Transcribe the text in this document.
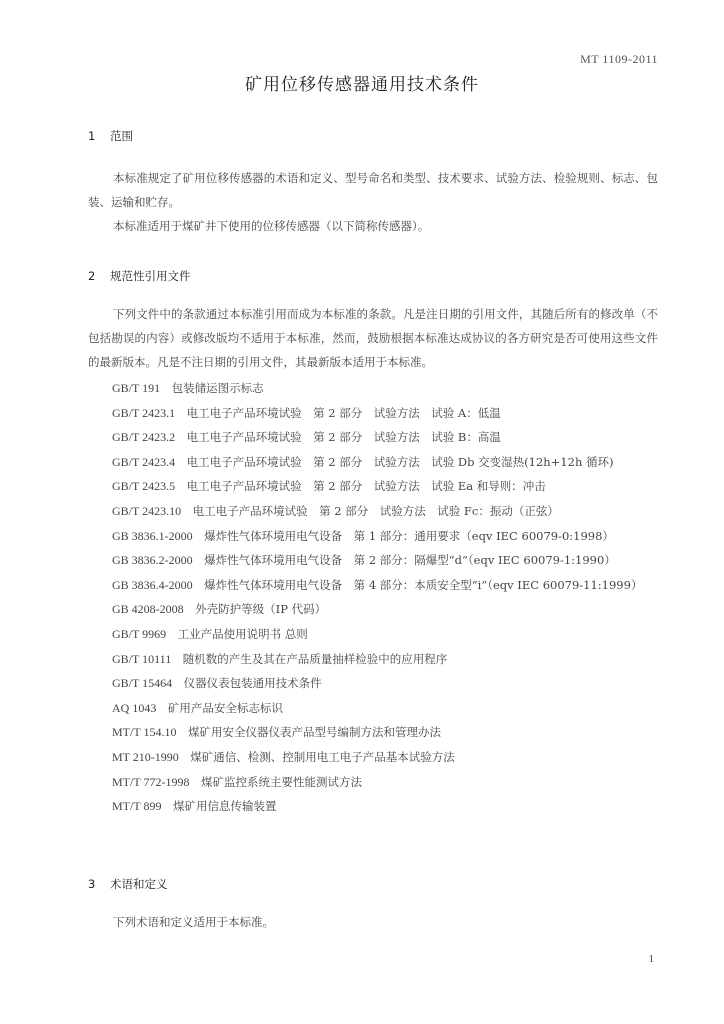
MT 1109-2011
矿用位移传感器通用技术条件
1 范围
本标准规定了矿用位移传感器的术语和定义、型号命名和类型、技术要求、试验方法、检验规则、标志、包装、运输和贮存。
本标准适用于煤矿井下使用的位移传感器（以下简称传感器）。
2 规范性引用文件
下列文件中的条款通过本标准引用而成为本标准的条款。凡是注日期的引用文件，其随后所有的修改单（不包括勘误的内容）或修改版均不适用于本标准，然而，鼓励根据本标准达成协议的各方研究是否可使用这些文件的最新版本。凡是不注日期的引用文件，其最新版本适用于本标准。
GB/T 191　 包装储运图示标志
GB/T 2423.1　 电工电子产品环境试验　第 2 部分　试验方法　试验 A：低温
GB/T 2423.2　 电工电子产品环境试验　第 2 部分　试验方法　试验 B：高温
GB/T 2423.4　 电工电子产品环境试验　第 2 部分　试验方法　试验 Db 交变湿热(12h+12h 循环)
GB/T 2423.5　 电工电子产品环境试验　第 2 部分　试验方法　试验 Ea 和导则：冲击
GB/T 2423.10　 电工电子产品环境试验　第 2 部分　试验方法　试验 Fc：振动（正弦）
GB 3836.1-2000　 爆炸性气体环境用电气设备　第 1 部分：通用要求（eqv IEC 60079-0:1998）
GB 3836.2-2000　 爆炸性气体环境用电气设备　第 2 部分：隔爆型“d”（eqv IEC 60079-1:1990）
GB 3836.4-2000　 爆炸性气体环境用电气设备　第 4 部分：本质安全型“i”（eqv IEC 60079-11:1999）
GB 4208-2008　 外壳防护等级（IP 代码）
GB/T 9969　 工业产品使用说明书 总则
GB/T 10111　 随机数的产生及其在产品质量抽样检验中的应用程序
GB/T 15464　 仪器仪表包装通用技术条件
AQ 1043　 矿用产品安全标志标识
MT/T 154.10　 煤矿用安全仪器仪表产品型号编制方法和管理办法
MT 210-1990　 煤矿通信、检测、控制用电工电子产品基本试验方法
MT/T 772-1998　 煤矿监控系统主要性能测试方法
MT/T 899　 煤矿用信息传输装置
3 术语和定义
下列术语和定义适用于本标准。
1
